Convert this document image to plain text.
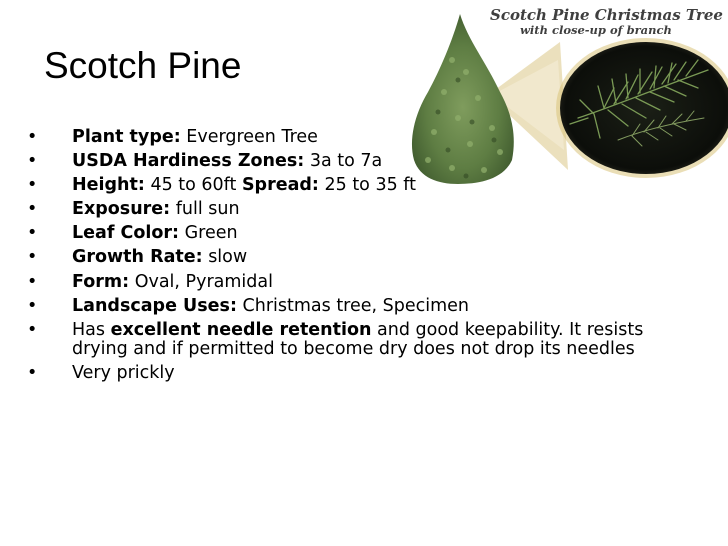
Scotch Pine Christmas Tree
with close-up of branch
Scotch Pine
• Plant type: Evergreen Tree
• USDA Hardiness Zones: 3a to 7a
• Height: 45 to 60ft Spread: 25 to 35 ft
• Exposure: full sun
• Leaf Color: Green
• Growth Rate: slow
• Form: Oval, Pyramidal
• Landscape Uses: Christmas tree, Specimen
• Has excellent needle retention and good keepability. It resists drying and if permitted to become dry does not drop its needles
• Very prickly
